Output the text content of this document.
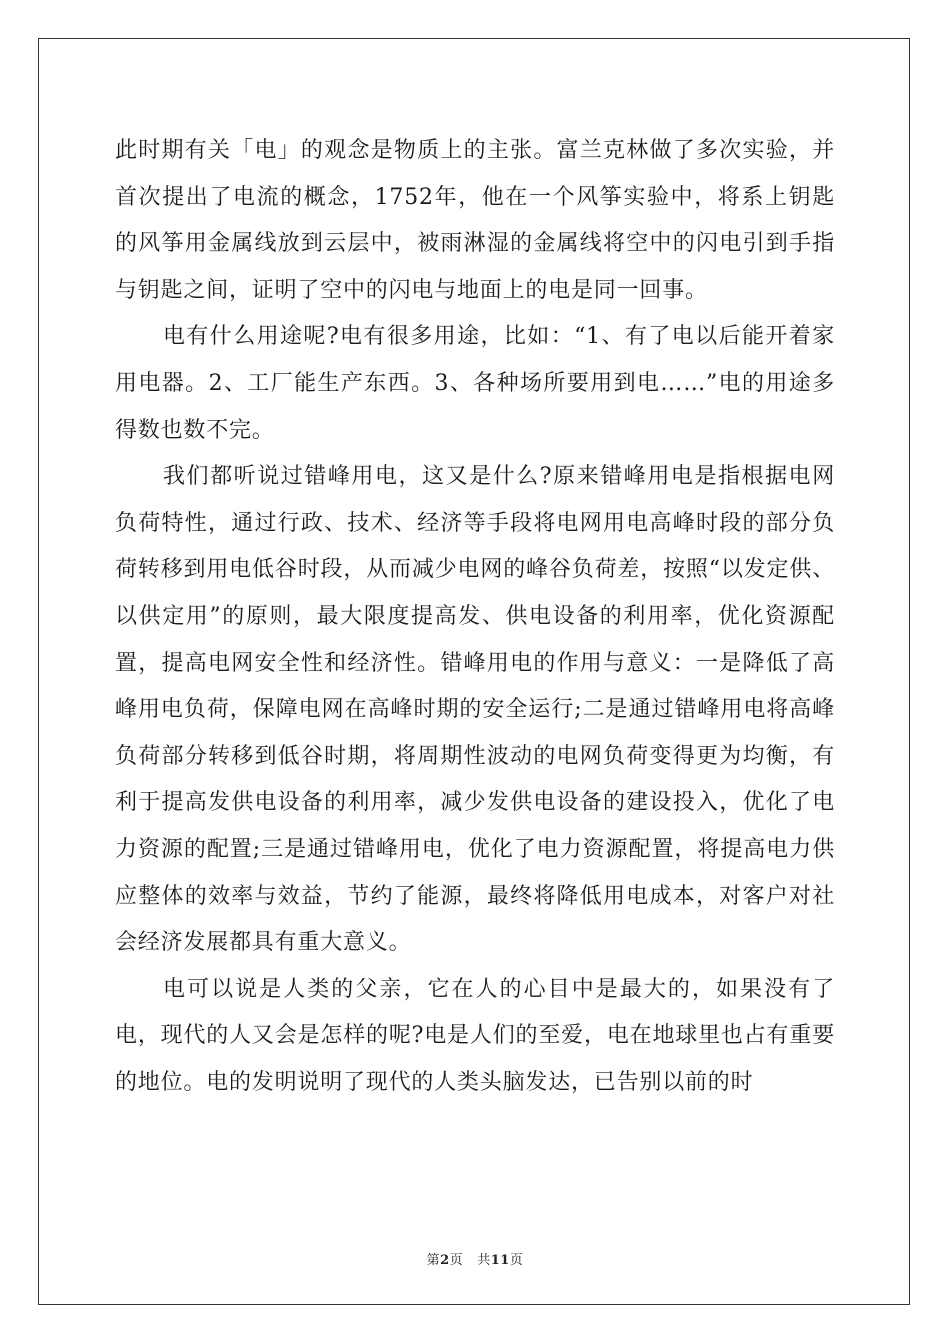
此时期有关「电」的观念是物质上的主张。富兰克林做了多次实验，并首次提出了电流的概念，1752年，他在一个风筝实验中，将系上钥匙的风筝用金属线放到云层中，被雨淋湿的金属线将空中的闪电引到手指与钥匙之间，证明了空中的闪电与地面上的电是同一回事。

电有什么用途呢?电有很多用途，比如：“1、有了电以后能开着家用电器。2、工厂能生产东西。3、各种场所要用到电……”电的用途多得数也数不完。

我们都听说过错峰用电，这又是什么?原来错峰用电是指根据电网负荷特性，通过行政、技术、经济等手段将电网用电高峰时段的部分负荷转移到用电低谷时段，从而减少电网的峰谷负荷差，按照“以发定供、以供定用”的原则，最大限度提高发、供电设备的利用率，优化资源配置，提高电网安全性和经济性。错峰用电的作用与意义：一是降低了高峰用电负荷，保障电网在高峰时期的安全运行;二是通过错峰用电将高峰负荷部分转移到低谷时期，将周期性波动的电网负荷变得更为均衡，有利于提高发供电设备的利用率，减少发供电设备的建设投入，优化了电力资源的配置;三是通过错峰用电，优化了电力资源配置，将提高电力供应整体的效率与效益，节约了能源，最终将降低用电成本，对客户对社会经济发展都具有重大意义。

电可以说是人类的父亲，它在人的心目中是最大的，如果没有了电，现代的人又会是怎样的呢?电是人们的至爱，电在地球里也占有重要的地位。电的发明说明了现代的人类头脑发达，已告别以前的时

第2页 共11页
